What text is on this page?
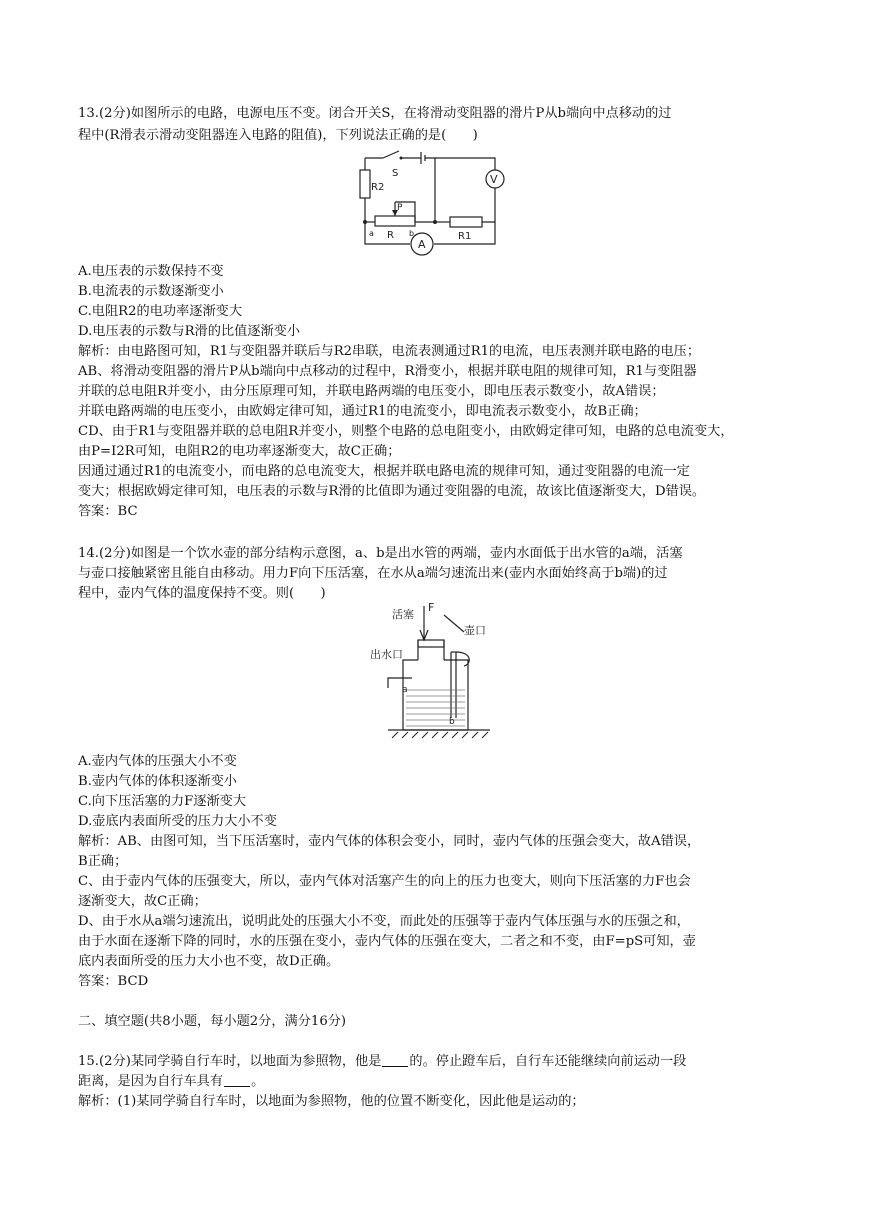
13.(2分)如图所示的电路，电源电压不变。闭合开关S，在将滑动变阻器的滑片P从b端向中点移动的过
程中(R滑表示滑动变阻器连入电路的阻值)，下列说法正确的是(　　)
S
R2
P
a R b	R1
V
A
A.电压表的示数保持不变
B.电流表的示数逐渐变小
C.电阻R2的电功率逐渐变大
D.电压表的示数与R滑的比值逐渐变小
解析：由电路图可知，R1与变阻器并联后与R2串联，电流表测通过R1的电流，电压表测并联电路的电压；
AB、将滑动变阻器的滑片P从b端向中点移动的过程中，R滑变小，根据并联电阻的规律可知，R1与变阻器
并联的总电阻R并变小，由分压原理可知，并联电路两端的电压变小，即电压表示数变小，故A错误；
并联电路两端的电压变小，由欧姆定律可知，通过R1的电流变小，即电流表示数变小，故B正确；
CD、由于R1与变阻器并联的总电阻R并变小，则整个电路的总电阻变小，由欧姆定律可知，电路的总电流变大，
由P=I2R可知，电阻R2的电功率逐渐变大，故C正确；
因通过通过R1的电流变小，而电路的总电流变大，根据并联电路电流的规律可知，通过变阻器的电流一定
变大；根据欧姆定律可知，电压表的示数与R滑的比值即为通过变阻器的电流，故该比值逐渐变大，D错误。
答案：BC
14.(2分)如图是一个饮水壶的部分结构示意图，a、b是出水管的两端，壶内水面低于出水管的a端，活塞
与壶口接触紧密且能自由移动。用力F向下压活塞，在水从a端匀速流出来(壶内水面始终高于b端)的过
程中，壶内气体的温度保持不变。则(　　)
活塞
F
壶口
出水口
a
b
A.壶内气体的压强大小不变
B.壶内气体的体积逐渐变小
C.向下压活塞的力F逐渐变大
D.壶底内表面所受的压力大小不变
解析：AB、由图可知，当下压活塞时，壶内气体的体积会变小，同时，壶内气体的压强会变大，故A错误，
B正确；
C、由于壶内气体的压强变大，所以，壶内气体对活塞产生的向上的压力也变大，则向下压活塞的力F也会
逐渐变大，故C正确；
D、由于水从a端匀速流出，说明此处的压强大小不变，而此处的压强等于壶内气体压强与水的压强之和，
由于水面在逐渐下降的同时，水的压强在变小，壶内气体的压强在变大，二者之和不变，由F=pS可知，壶
底内表面所受的压力大小也不变，故D正确。
答案：BCD
二、填空题(共8小题，每小题2分，满分16分)
15.(2分)某同学骑自行车时，以地面为参照物，他是 的。停止蹬车后，自行车还能继续向前运动一段
距离，是因为自行车具有 。
解析：(1)某同学骑自行车时，以地面为参照物，他的位置不断变化，因此他是运动的；
